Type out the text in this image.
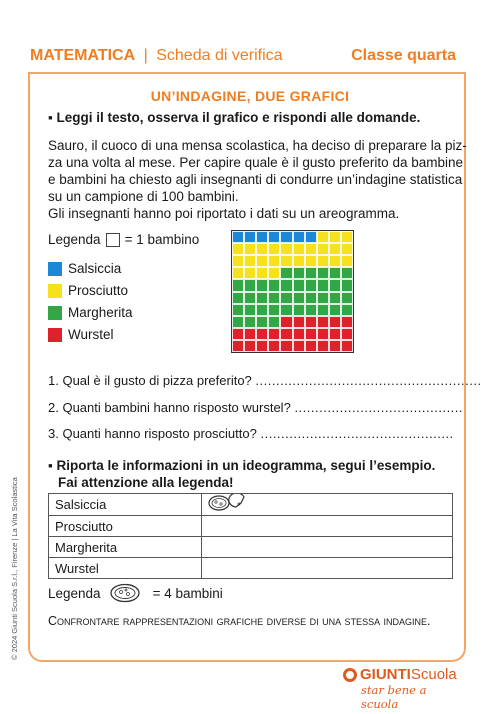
MATEMATICA | Scheda di verifica	Classe quarta
UN’INDAGINE, DUE GRAFICI
▪ Leggi il testo, osserva il grafico e rispondi alle domande.
Sauro, il cuoco di una mensa scolastica, ha deciso di preparare la piz-
za una volta al mese. Per capire quale è il gusto preferito da bambine
e bambini ha chiesto agli insegnanti di condurre un’indagine statistica
su un campione di 100 bambini.
Gli insegnanti hanno poi riportato i dati su un areogramma.
Legenda = 1 bambino
Salsiccia
Prosciutto
Margherita
Wurstel
1. Qual è il gusto di pizza preferito? .......................................................
2. Quanti bambini hanno risposto wurstel? .........................................
3. Quanti hanno risposto prosciutto? ...............................................
▪ Riporta le informazioni in un ideogramma, segui l’esempio.
Fai attenzione alla legenda!
Salsiccia	
Prosciutto	
Margherita	
Wurstel	
Legenda	= 4 bambini
Confrontare rappresentazioni grafiche diverse di una stessa indagine.
© 2024 Giunti Scuola S.r.l., Firenze | La Vita Scolastica
GIUNTI Scuola
star bene a scuola
